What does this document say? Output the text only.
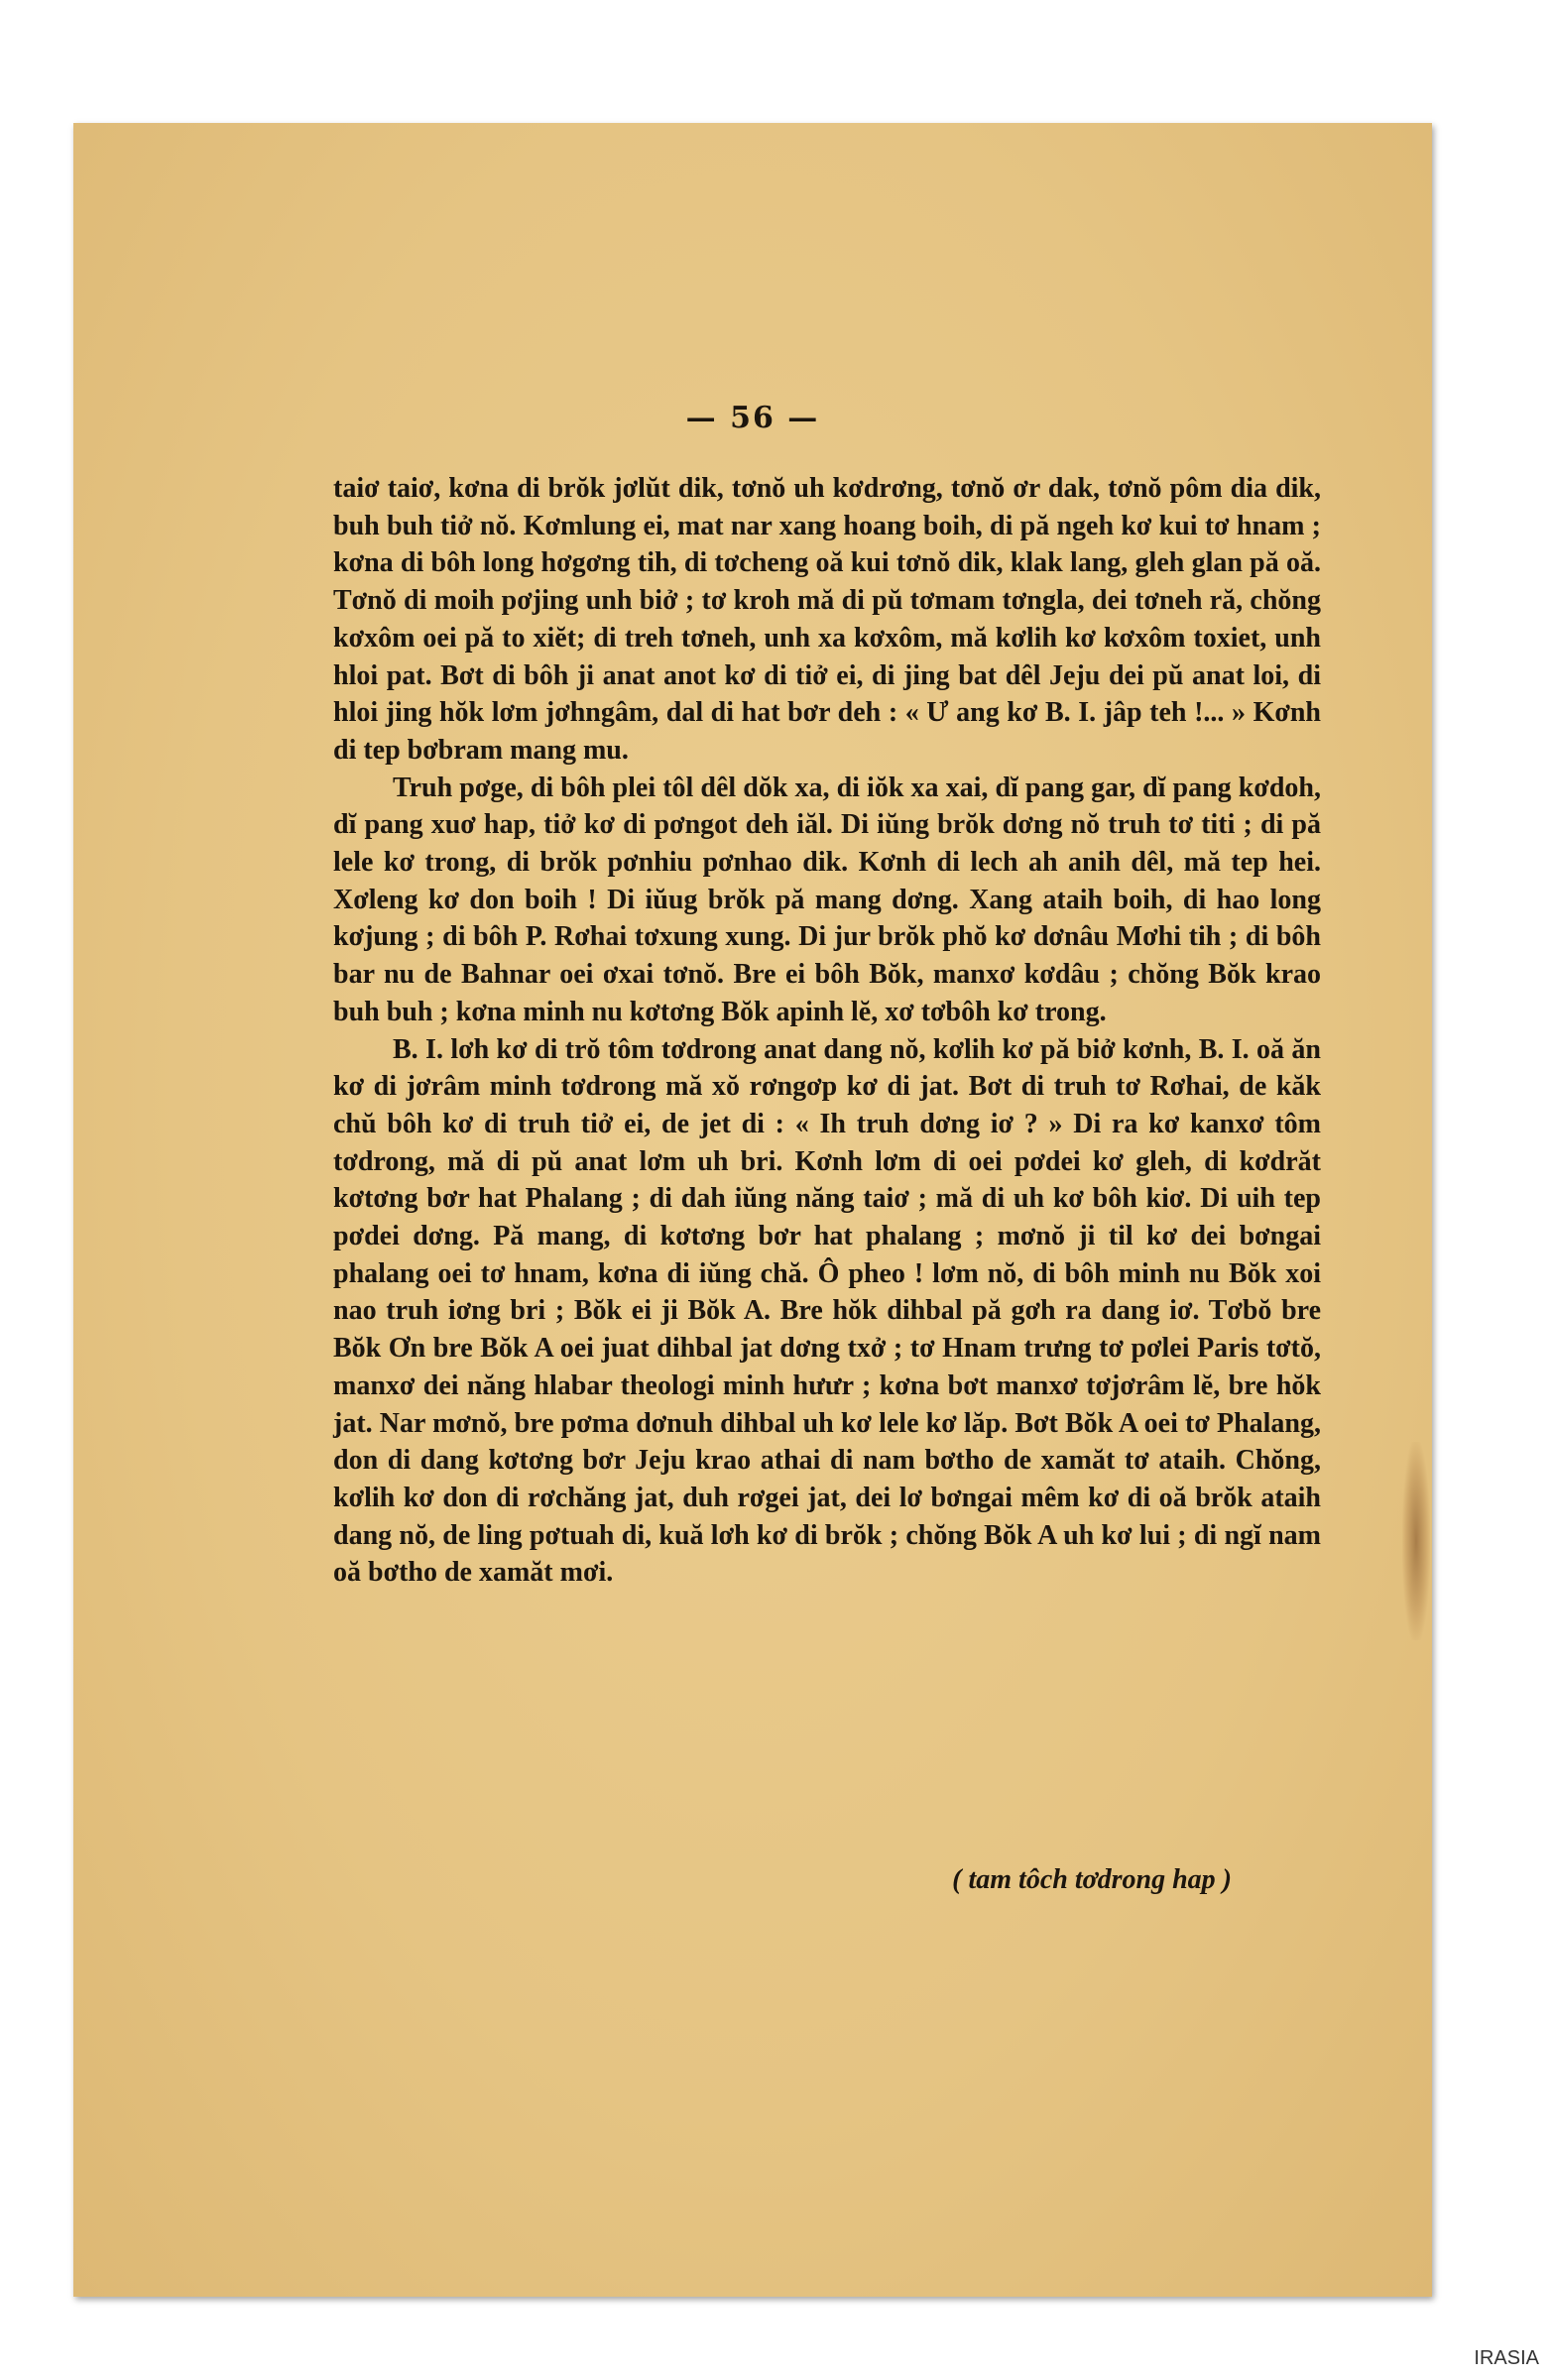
— 56 —

taiơ taiơ, kơna di brŏk jơlŭt dik, tơnŏ uh kơdrơng, tơnŏ ơr dak, tơnŏ pôm dia dik, buh buh tiở nŏ. Kơmlung ei, mat nar xang hoang boih, di pă ngeh kơ kui tơ hnam ; kơna di bôh long hơgơng tih, di tơcheng oă kui tơnŏ dik, klak lang, gleh glan pă oă. Tơnŏ di moih pơjing unh biở ; tơ kroh mă di pŭ tơmam tơngla, dei tơneh ră, chŏng kơxôm oei pă to xiĕt; di treh tơneh, unh xa kơxôm, mă kơlih kơ kơxôm toxiet, unh hloi pat. Bơt di bôh ji anat anot kơ di tiở ei, di jing bat dêl Jeju dei pŭ anat loi, di hloi jing hŏk lơm jơhngâm, dal di hat bơr deh : « Ư ang kơ B. I. jâp teh !... » Kơnh di tep bơbram mang mu.

Truh pơge, di bôh plei tôl dêl dŏk xa, di iŏk xa xai, dĭ pang gar, dĭ pang kơdoh, dĭ pang xuơ hap, tiở kơ di pơngot deh iăl. Di iŭng brŏk dơng nŏ truh tơ titi ; di pă lele kơ trong, di brŏk pơnhiu pơnhao dik. Kơnh di lech ah anih dêl, mă tep hei. Xơleng kơ don boih ! Di iŭug brŏk pă mang dơng. Xang ataih boih, di hao long kơjung ; di bôh P. Rơhai tơxung xung. Di jur brŏk phŏ kơ dơnâu Mơhi tih ; di bôh bar nu de Bahnar oei ơxai tơnŏ. Bre ei bôh Bŏk, manxơ kơdâu ; chŏng Bŏk krao buh buh ; kơna minh nu kơtơng Bŏk apinh lĕ, xơ tơbôh kơ trong.

B. I. lơh kơ di trŏ tôm tơdrong anat dang nŏ, kơlih kơ pă biở kơnh, B. I. oă ăn kơ di jơrâm minh tơdrong mă xŏ rơngơp kơ di jat. Bơt di truh tơ Rơhai, de kăk chŭ bôh kơ di truh tiở ei, de jet di : « Ih truh dơng iơ ? » Di ra kơ kanxơ tôm tơdrong, mă di pŭ anat lơm uh bri. Kơnh lơm di oei pơdei kơ gleh, di kơdrăt kơtơng bơr hat Phalang ; di dah iŭng năng taiơ ; mă di uh kơ bôh kiơ. Di uih tep pơdei dơng. Pă mang, di kơtơng bơr hat phalang ; mơnŏ ji til kơ dei bơngai phalang oei tơ hnam, kơna di iŭng chă. Ô pheo ! lơm nŏ, di bôh minh nu Bŏk xoi nao truh iơng bri ; Bŏk ei ji Bŏk A. Bre hŏk dihbal pă gơh ra dang iơ. Tơbŏ bre Bŏk Ơn bre Bŏk A oei juat dihbal jat dơng txở ; tơ Hnam trưng tơ pơlei Paris tơtŏ, manxơ dei năng hlabar theologi minh hưưr ; kơna bơt manxơ tơjơrâm lĕ, bre hŏk jat. Nar mơnŏ, bre pơma dơnuh dihbal uh kơ lele kơ lăp. Bơt Bŏk A oei tơ Phalang, don di dang kơtơng bơr Jeju krao athai di nam bơtho de xamăt tơ ataih. Chŏng, kơlih kơ don di rơchăng jat, duh rơgei jat, dei lơ bơngai mêm kơ di oă brŏk ataih dang nŏ, de ling pơtuah di, kuă lơh kơ di brŏk ; chŏng Bŏk A uh kơ lui ; di ngĭ nam oă bơtho de xamăt mơi.

( tam tôch tơdrong hap )
IRASIA
